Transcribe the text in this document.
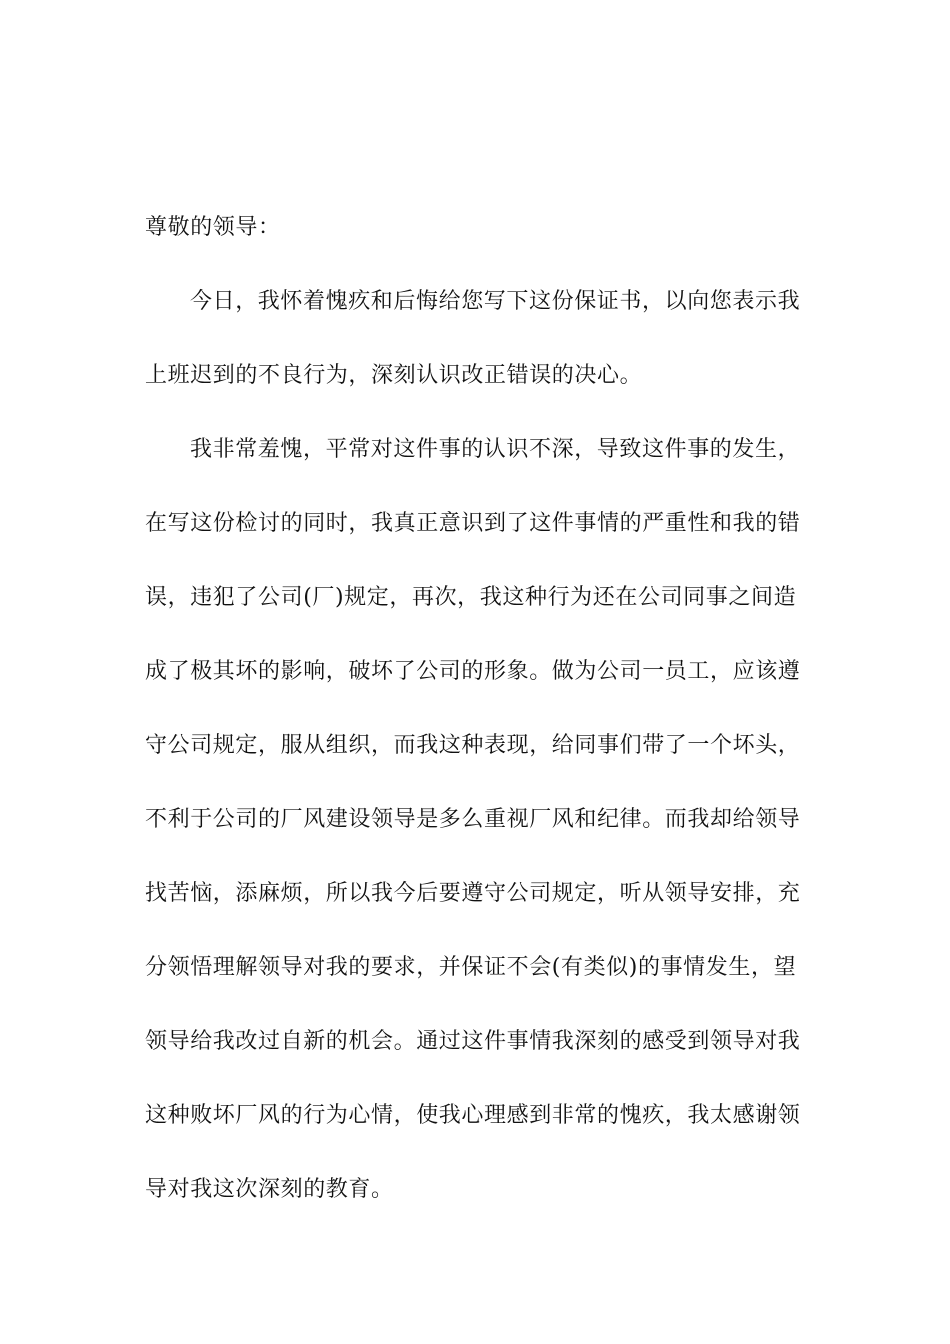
尊敬的领导：
今日，我怀着愧疚和后悔给您写下这份保证书，以向您表示我
上班迟到的不良行为，深刻认识改正错误的决心。
我非常羞愧，平常对这件事的认识不深，导致这件事的发生，
在写这份检讨的同时，我真正意识到了这件事情的严重性和我的错
误，违犯了公司(厂)规定，再次，我这种行为还在公司同事之间造
成了极其坏的影响，破坏了公司的形象。做为公司一员工，应该遵
守公司规定，服从组织，而我这种表现，给同事们带了一个坏头，
不利于公司的厂风建设领导是多么重视厂风和纪律。而我却给领导
找苦恼，添麻烦，所以我今后要遵守公司规定，听从领导安排，充
分领悟理解领导对我的要求，并保证不会(有类似)的事情发生，望
领导给我改过自新的机会。通过这件事情我深刻的感受到领导对我
这种败坏厂风的行为心情，使我心理感到非常的愧疚，我太感谢领
导对我这次深刻的教育。
